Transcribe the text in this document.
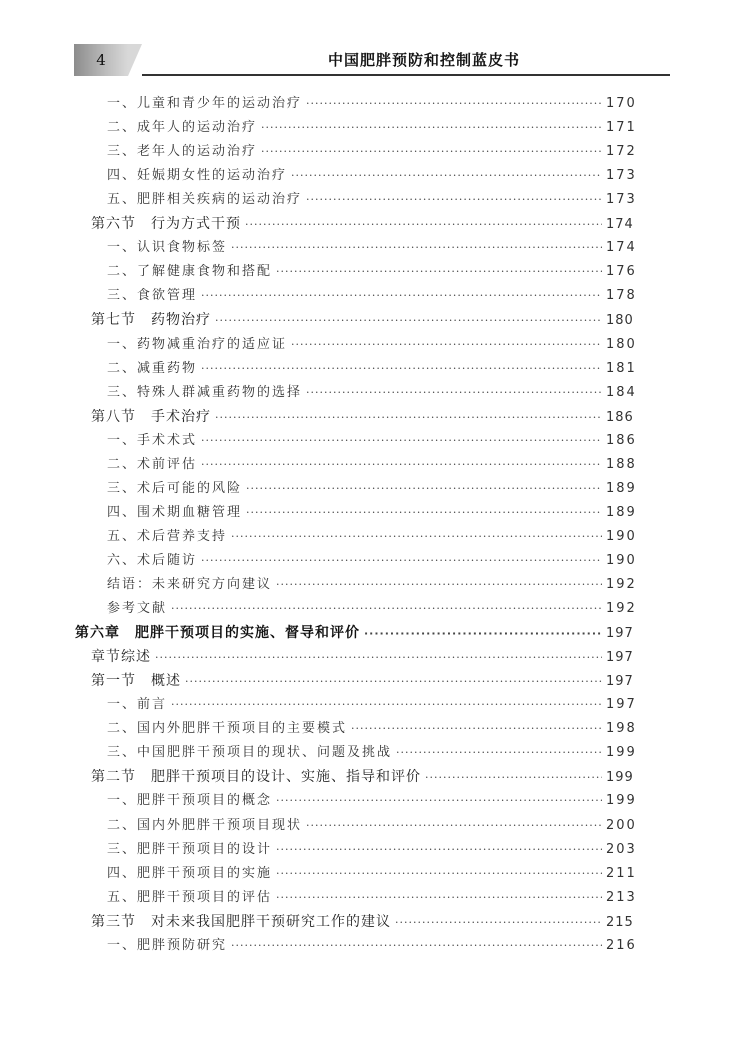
4	中国肥胖预防和控制蓝皮书
一、儿童和青少年的运动治疗 ·····	170
二、成年人的运动治疗 ·····	171
三、老年人的运动治疗 ·····	172
四、妊娠期女性的运动治疗 ·····	173
五、肥胖相关疾病的运动治疗 ·····	173
第六节　行为方式干预 ·····	174
一、认识食物标签 ·····	174
二、了解健康食物和搭配 ·····	176
三、食欲管理 ·····	178
第七节　药物治疗 ·····	180
一、药物减重治疗的适应证 ·····	180
二、减重药物 ·····	181
三、特殊人群减重药物的选择 ·····	184
第八节　手术治疗 ·····	186
一、手术术式 ·····	186
二、术前评估 ·····	188
三、术后可能的风险 ·····	189
四、围术期血糖管理 ·····	189
五、术后营养支持 ·····	190
六、术后随访 ·····	190
结语：未来研究方向建议 ·····	192
参考文献 ·····	192
第六章　肥胖干预项目的实施、督导和评价 ·····	197
章节综述 ·····	197
第一节　概述 ·····	197
一、前言 ·····	197
二、国内外肥胖干预项目的主要模式 ·····	198
三、中国肥胖干预项目的现状、问题及挑战 ·····	199
第二节　肥胖干预项目的设计、实施、指导和评价 ·····	199
一、肥胖干预项目的概念 ·····	199
二、国内外肥胖干预项目现状 ·····	200
三、肥胖干预项目的设计 ·····	203
四、肥胖干预项目的实施 ·····	211
五、肥胖干预项目的评估 ·····	213
第三节　对未来我国肥胖干预研究工作的建议 ·····	215
一、肥胖预防研究 ·····	216
